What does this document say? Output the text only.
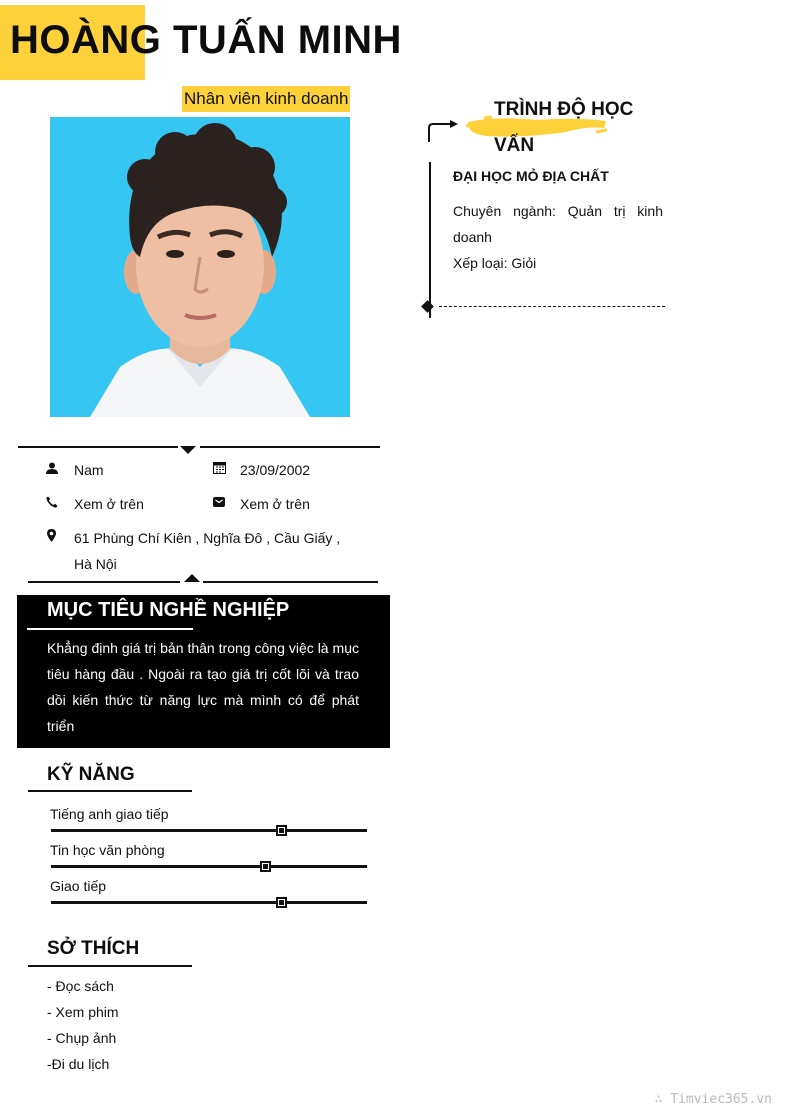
HOÀNG TUẤN MINH
Nhân viên kinh doanh
Nam	23/09/2002
Xem ở trên	Xem ở trên
61 Phùng Chí Kiên , Nghĩa Đô , Cầu Giấy ,
Hà Nội
MỤC TIÊU NGHỀ NGHIỆP

Khẳng định giá trị bản thân trong công việc là mục tiêu hàng đầu . Ngoài ra tạo giá trị cốt lõi và trao dồi kiến thức từ năng lực mà mình có để phát triển

KỸ NĂNG
Tiếng anh giao tiếp
Tin học văn phòng
Giao tiếp
SỞ THÍCH
- Đọc sách
- Xem phim
- Chụp ảnh
-Đi du lịch
TRÌNH ĐỘ HỌC VẤN
ĐẠI HỌC MỎ ĐỊA CHẤT
Chuyên ngành: Quản trị kinh doanh
Xếp loại: Giỏi
∴ Timviec365.vn
